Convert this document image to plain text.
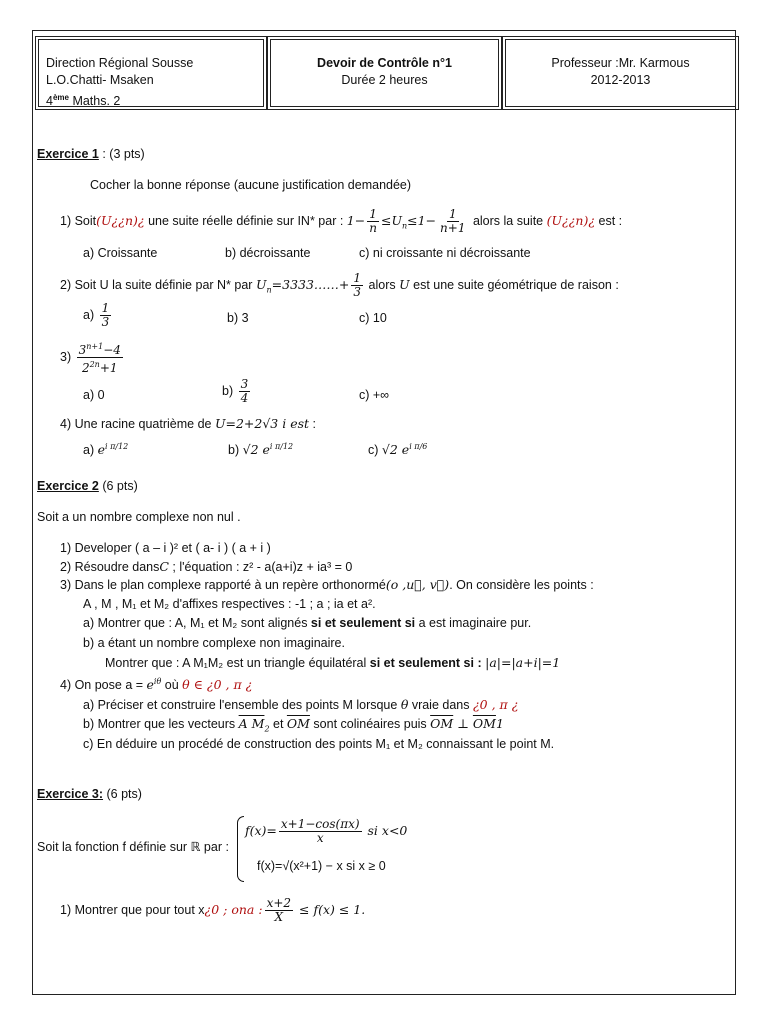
Direction Régional Sousse
L.O.Chatti- Msaken
4ème Maths. 2
Devoir de Contrôle n°1
Durée 2 heures
Professeur :Mr. Karmous
2012-2013
Exercice 1 : (3 pts)
Cocher la bonne réponse (aucune justification demandée)
1) Soit(U¿¿n)¿ une suite réelle définie sur IN* par : $1- \frac{1}{n} \le U_n\le 1- \frac{1}{n+1}$ alors la suite (U¿¿n)¿ est :
a) Croissante	b) décroissante	c) ni croissante ni décroissante
2) Soit U la suite définie par N* par $U_n=3333\dots\dots+ \frac{1}{3}$ alors U est une suite géométrique de raison :
$a) \frac{1}{3}$	b) 3	c) 10
$3) \frac{3^{n+1}-4}{2^{2n}+1}$
a) 0	$b) \frac{3}{4}$	c) +∞
4) Une racine quatrième de U=2+2√3 i est :
a) $e^{i \pi/12}$	b) √2 $e^{i \pi/12}$	c) √2 $e^{i \pi/6}$
Exercice 2 (6 pts)
Soit a un nombre complexe non nul .
1) Developer ( a – i )² et ( a- i ) ( a + i )
2) Résoudre dansC ; l'équation : z² - a(a+i)z + ia³ = 0
3) Dans le plan complexe rapporté à un repère orthonormé(o ,u⃗, v⃗). On considère les points :
A , M , M₁ et M₂ d'affixes respectives : -1 ; a ; ia et a².
a) Montrer que : A, M₁ et M₂ sont alignés si et seulement si a est imaginaire pur.
b) a étant un nombre complexe non imaginaire.
Montrer que : A M₁M₂ est un triangle équilatéral si et seulement si : |a|=|a+i|=1
4) On pose $a = e^{i\theta}$ où θ ∈ ¿0 , π ¿
a) Préciser et construire l'ensemble des points M lorsque θ vraie dans ¿0 , π ¿
b) Montrer que les vecteurs A $M_2$ et $\overline{OM}$ sont colinéaires puis $\overline{OM}$ ⊥ $\overline{OM}1$
c) En déduire un procédé de construction des points M₁ et M₂ connaissant le point M.
Exercice 3: (6 pts)
Soit la fonction f définie sur ℝ par :
$f(x)= \frac{x+1-\cos(\pi x)}{x}$ si x<0
f(x)=√(x²+1) − x si x ≥ 0
1) Montrer que pour tout x¿0 ; ona : $\frac{x+2}{X} \le f(x) \le 1$.
